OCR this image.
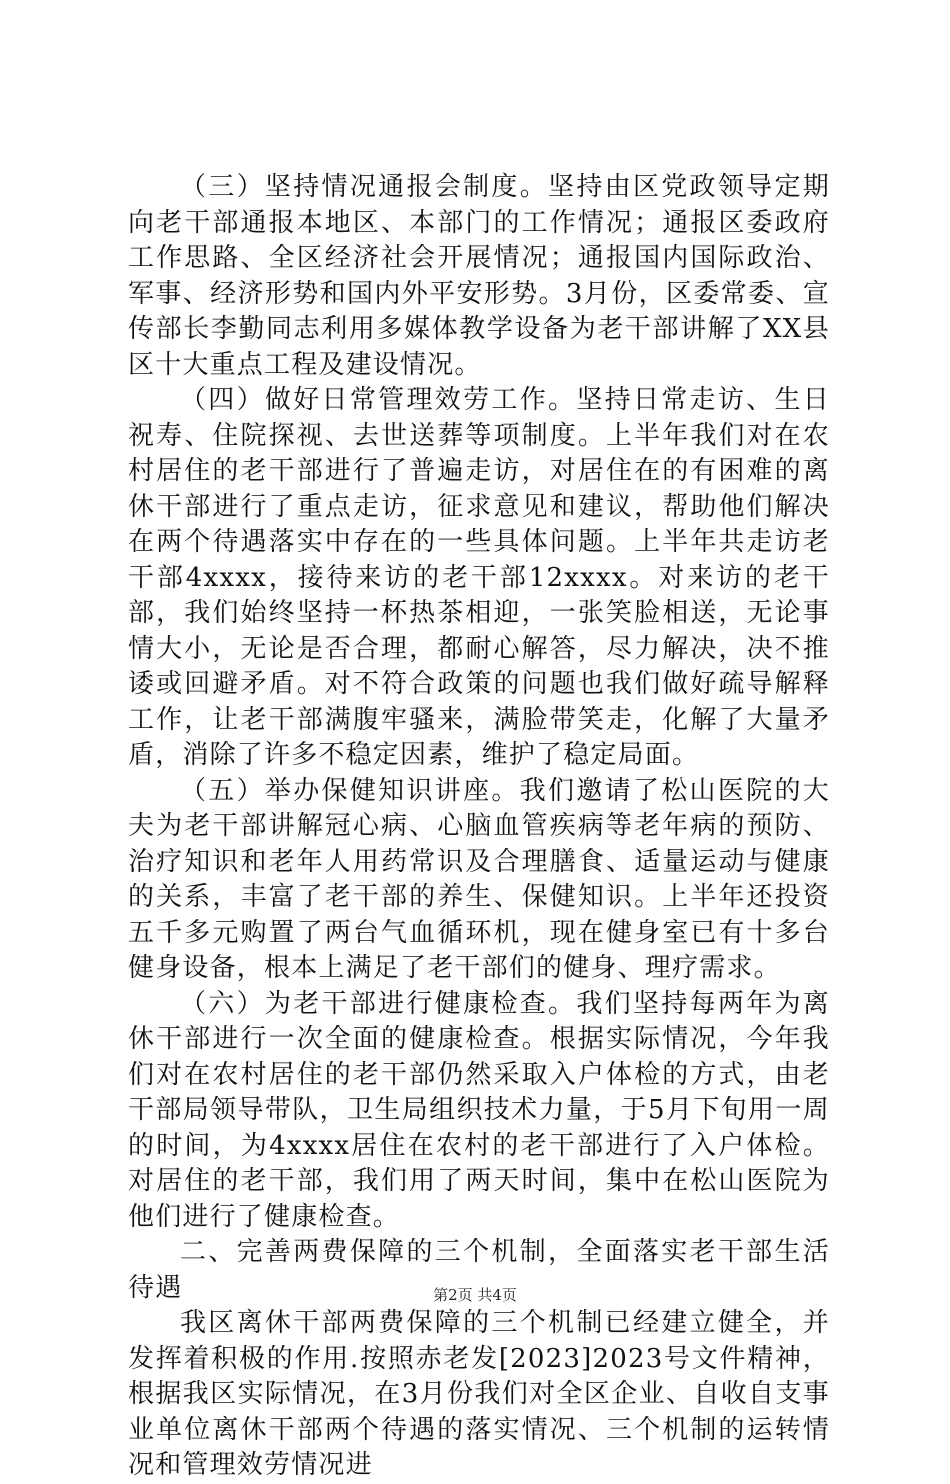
（三）坚持情况通报会制度。坚持由区党政领导定期向老干部通报本地区、本部门的工作情况；通报区委政府工作思路、全区经济社会开展情况；通报国内国际政治、军事、经济形势和国内外平安形势。3月份，区委常委、宣传部长李勤同志利用多媒体教学设备为老干部讲解了XX县区十大重点工程及建设情况。

（四）做好日常管理效劳工作。坚持日常走访、生日祝寿、住院探视、去世送葬等项制度。上半年我们对在农村居住的老干部进行了普遍走访，对居住在的有困难的离休干部进行了重点走访，征求意见和建议，帮助他们解决在两个待遇落实中存在的一些具体问题。上半年共走访老干部4xxxx，接待来访的老干部12xxxx。对来访的老干部，我们始终坚持一杯热茶相迎，一张笑脸相送，无论事情大小，无论是否合理，都耐心解答，尽力解决，决不推诿或回避矛盾。对不符合政策的问题也我们做好疏导解释工作，让老干部满腹牢骚来，满脸带笑走，化解了大量矛盾，消除了许多不稳定因素，维护了稳定局面。

（五）举办保健知识讲座。我们邀请了松山医院的大夫为老干部讲解冠心病、心脑血管疾病等老年病的预防、治疗知识和老年人用药常识及合理膳食、适量运动与健康的关系，丰富了老干部的养生、保健知识。上半年还投资五千多元购置了两台气血循环机，现在健身室已有十多台健身设备，根本上满足了老干部们的健身、理疗需求。

（六）为老干部进行健康检查。我们坚持每两年为离休干部进行一次全面的健康检查。根据实际情况，今年我们对在农村居住的老干部仍然采取入户体检的方式，由老干部局领导带队，卫生局组织技术力量，于5月下旬用一周的时间，为4xxxx居住在农村的老干部进行了入户体检。对居住的老干部，我们用了两天时间，集中在松山医院为他们进行了健康检查。

二、完善两费保障的三个机制，全面落实老干部生活待遇

我区离休干部两费保障的三个机制已经建立健全，并发挥着积极的作用.按照赤老发[2023]2023号文件精神，根据我区实际情况，在3月份我们对全区企业、自收自支事业单位离休干部两个待遇的落实情况、三个机制的运转情况和管理效劳情况进

第2页 共4页
